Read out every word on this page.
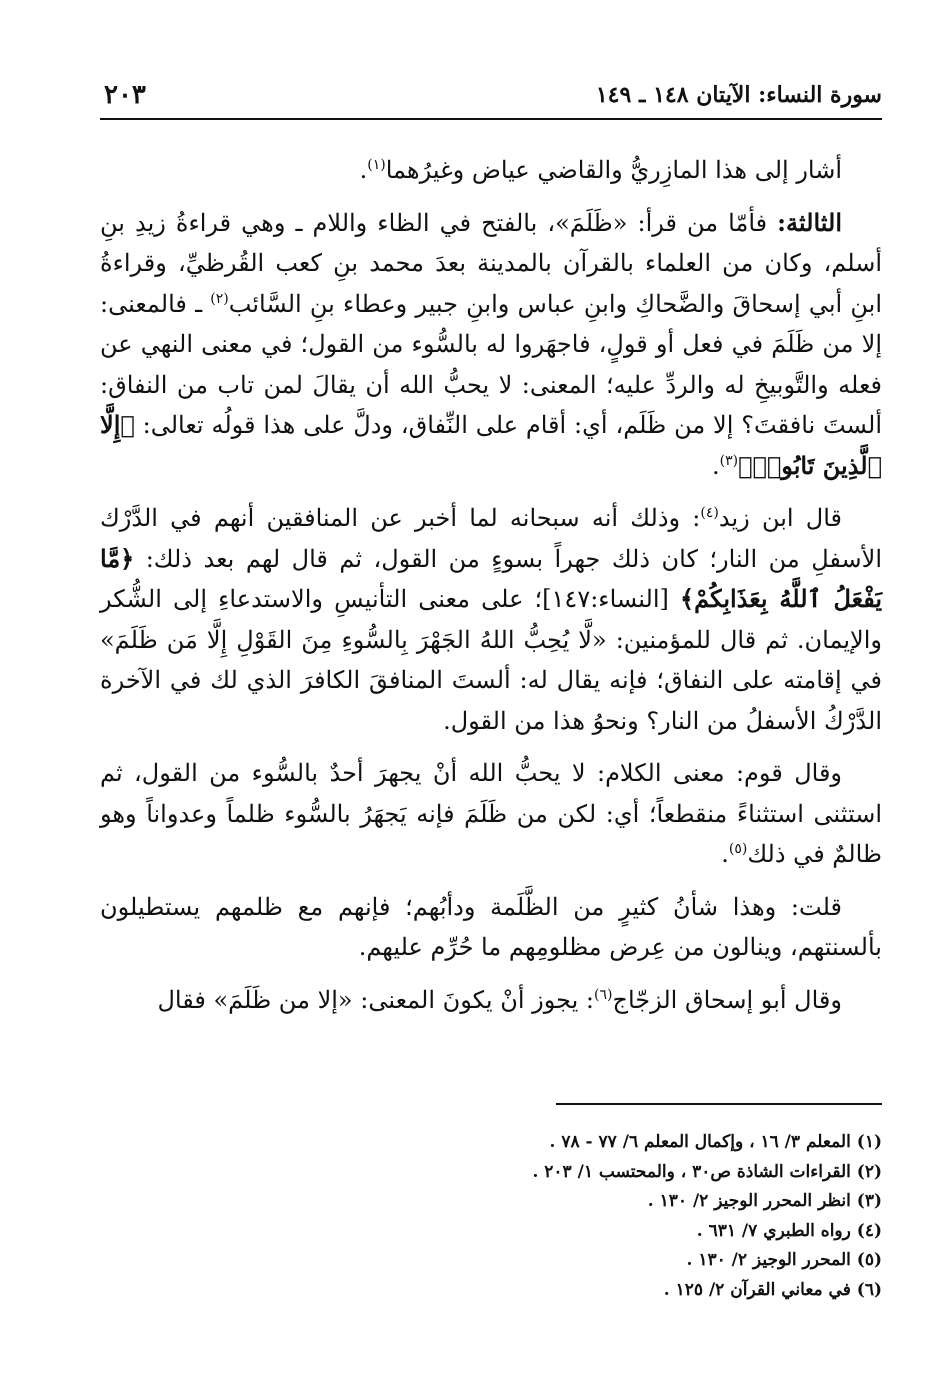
٢٠٣	سورة النساء: الآيتان ١٤٨ ـ ١٤٩

أشار إلى هذا المازِريُّ والقاضي عياض وغيرُهما$^{(١)}$.

الثالثة: فأمّا من قرأ: «ظَلَمَ»، بالفتح في الظاء واللام ـ وهي قراءةُ زيدِ بنِ أسلم، وكان من العلماء بالقرآن بالمدينة بعدَ محمد بنِ كعب القُرظيِّ، وقراءةُ ابنِ أبي إسحاقَ والضَّحاكِ وابنِ عباس وابنِ جبير وعطاء بنِ السَّائب$^{(٢)}$ ـ فالمعنى: إلا من ظَلَمَ في فعل أو قولٍ، فاجهَروا له بالسُّوء من القول؛ في معنى النهي عن فعله والتَّوبيخِ له والردِّ عليه؛ المعنى: لا يحبُّ الله أن يقالَ لمن تاب من النفاق: ألستَ نافقتَ؟ إلا من ظَلَم، أي: أقام على النِّفاق، ودلَّ على هذا قولُه تعالى: ﴿إِلَّا ٱلَّذِينَ تَابُوا۟﴾$^{(٣)}$.

قال ابن زيد$^{(٤)}$: وذلك أنه سبحانه لما أخبر عن المنافقين أنهم في الدَّرْك الأسفلِ من النار؛ كان ذلك جهراً بسوءٍ من القول، ثم قال لهم بعد ذلك: ﴿مَّا يَفْعَلُ ٱللَّهُ بِعَذَابِكُمْ﴾ [النساء:١٤٧]؛ على معنى التأنيسِ والاستدعاءِ إلى الشُّكر والإيمان. ثم قال للمؤمنين: «لَّا يُحِبُّ اللهُ الجَهْرَ بِالسُّوءِ مِنَ القَوْلِ إِلَّا مَن ظَلَمَ» في إقامته على النفاق؛ فإنه يقال له: ألستَ المنافقَ الكافرَ الذي لك في الآخرة الدَّرْكُ الأسفلُ من النار؟ ونحوُ هذا من القول.

وقال قوم: معنى الكلام: لا يحبُّ الله أنْ يجهرَ أحدٌ بالسُّوء من القول، ثم استثنى استثناءً منقطعاً؛ أي: لكن من ظَلَمَ فإنه يَجهَرُ بالسُّوء ظلماً وعدواناً وهو ظالمٌ في ذلك$^{(٥)}$.

قلت: وهذا شأنُ كثيرٍ من الظَّلَمة ودأبُهم؛ فإنهم مع ظلمهم يستطيلون بألسنتهم، وينالون من عِرض مظلومِهم ما حُرِّم عليهم.

وقال أبو إسحاق الزجّاج$^{(٦)}$: يجوز أنْ يكونَ المعنى: «إلا من ظَلَمَ» فقال

(١) المعلم ٣/ ١٦ ، وإكمال المعلم ٦/ ٧٧ - ٧٨ .
(٢) القراءات الشاذة ص٣٠ ، والمحتسب ١/ ٢٠٣ .
(٣) انظر المحرر الوجيز ٢/ ١٣٠ .
(٤) رواه الطبري ٧/ ٦٣١ .
(٥) المحرر الوجيز ٢/ ١٣٠ .
(٦) في معاني القرآن ٢/ ١٢٥ .
